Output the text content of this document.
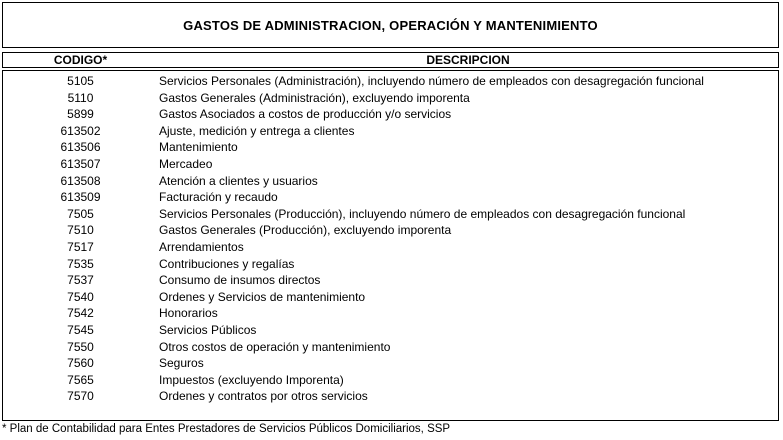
GASTOS DE ADMINISTRACION, OPERACIÓN Y MANTENIMIENTO
CODIGO*	DESCRIPCION
5105	Servicios Personales (Administración), incluyendo número de empleados con desagregación funcional
5110	Gastos Generales (Administración), excluyendo imporenta
5899	Gastos Asociados a costos de producción y/o servicios
613502	Ajuste, medición y entrega a clientes
613506	Mantenimiento
613507	Mercadeo
613508	Atención a clientes y usuarios
613509	Facturación y recaudo
7505	Servicios Personales (Producción), incluyendo número de empleados con desagregación funcional
7510	Gastos Generales (Producción), excluyendo imporenta
7517	Arrendamientos
7535	Contribuciones y regalías
7537	Consumo de insumos directos
7540	Ordenes y Servicios de mantenimiento
7542	Honorarios
7545	Servicios Públicos
7550	Otros costos de operación y mantenimiento
7560	Seguros
7565	Impuestos (excluyendo Imporenta)
7570	Ordenes y contratos por otros servicios
* Plan de Contabilidad para Entes Prestadores de Servicios Públicos Domiciliarios, SSP
